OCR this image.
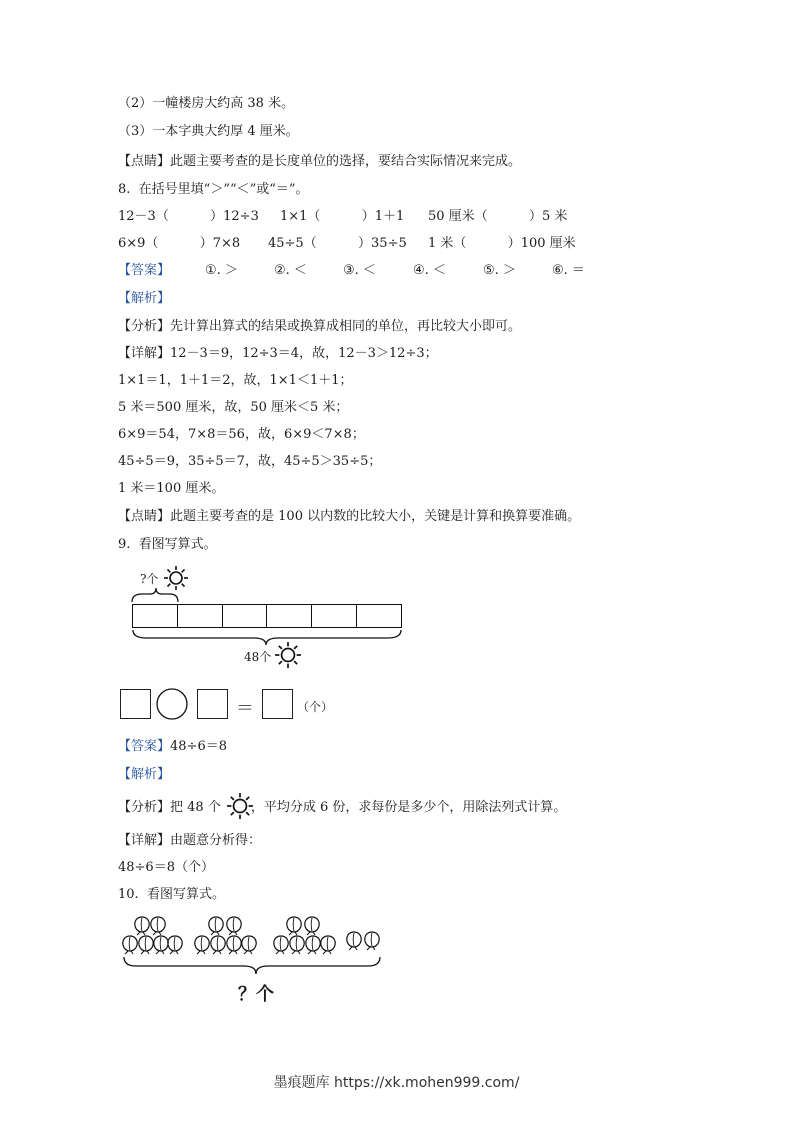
（2）一幢楼房大约高 38 米。
（3）一本字典大约厚 4 厘米。
【点睛】此题主要考查的是长度单位的选择，要结合实际情况来完成。
8.  在括号里填“＞”“＜”或“＝”。
12－3（          ）12÷3 1×1（          ）1＋1 50 厘米（          ）5 米
6×9（          ）7×8 45÷5（          ）35÷5 1 米（          ）100 厘米
【答案】	①. ＞	②. ＜	③. ＜	④. ＜	⑤. ＞	⑥. ＝
【解析】
【分析】先计算出算式的结果或换算成相同的单位，再比较大小即可。
【详解】12－3＝9，12÷3＝4，故，12－3＞12÷3；
1×1＝1，1＋1＝2，故，1×1＜1＋1；
5 米＝500 厘米，故，50 厘米＜5 米；
6×9＝54，7×8＝56，故，6×9＜7×8；
45÷5＝9，35÷5＝7，故，45÷5＞35÷5；
1 米＝100 厘米。
【点睛】此题主要考查的是 100 以内数的比较大小，关键是计算和换算要准确。
9.  看图写算式。
?个
48个
＝	（个）
【答案】48÷6＝8
【解析】
【分析】把 48 个 ，平均分成 6 份，求每份是多少个，用除法列式计算。
【详解】由题意分析得：
48÷6＝8（个）
10.  看图写算式。
？个
墨痕题库 https://xk.mohen999.com/
